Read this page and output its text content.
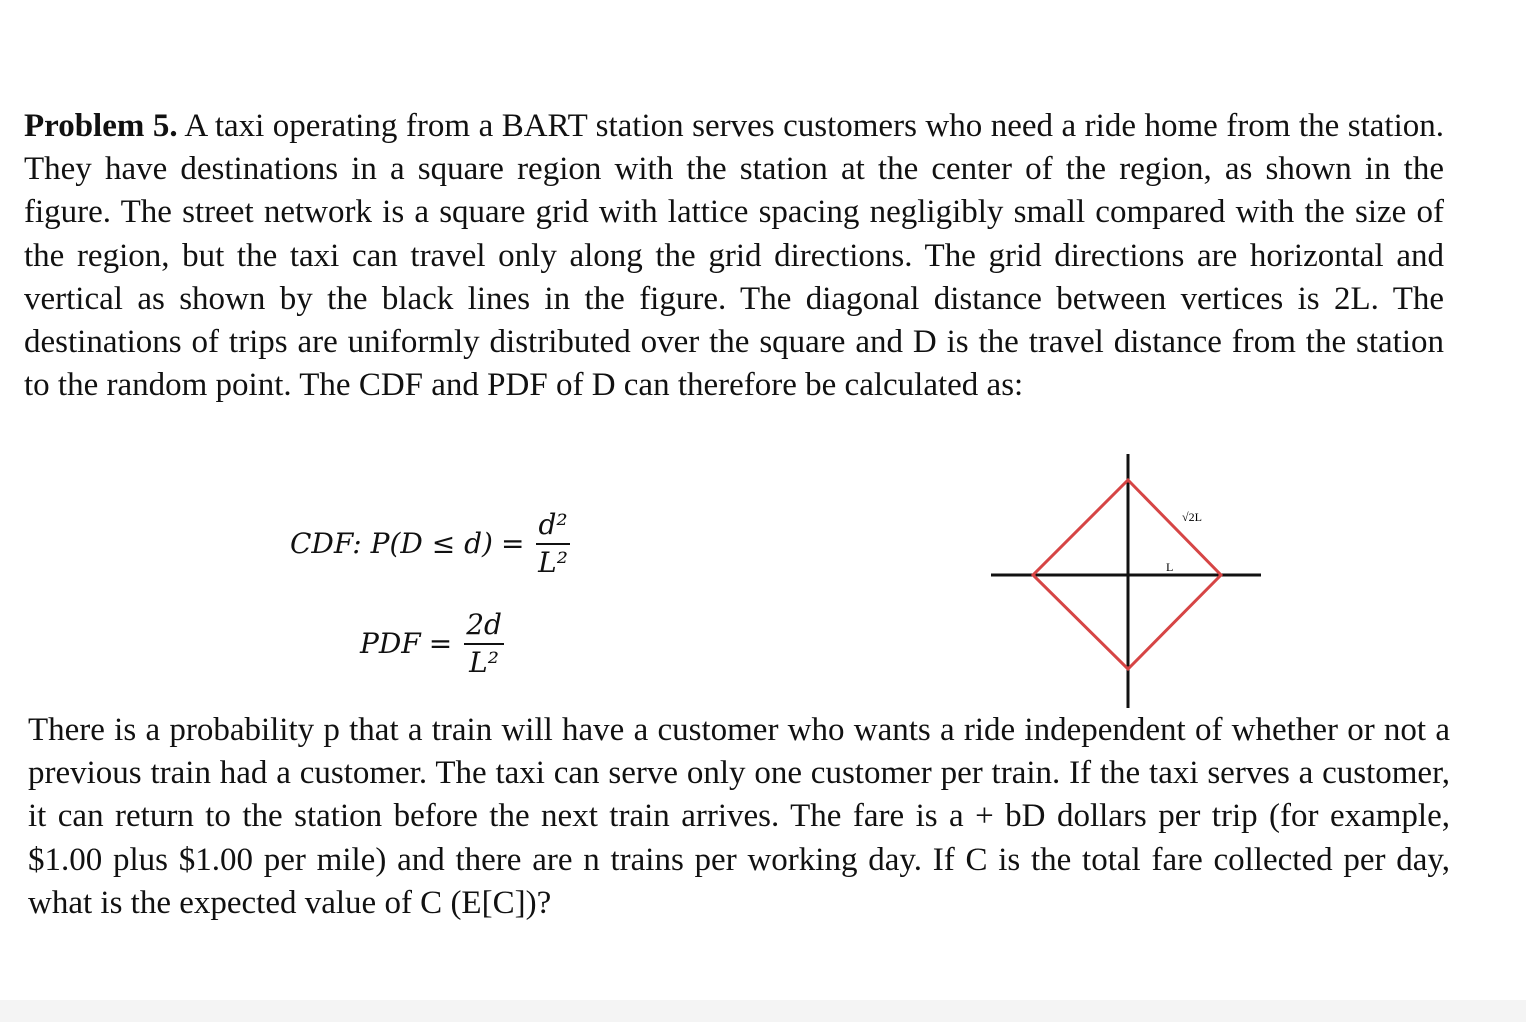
Problem 5. A taxi operating from a BART station serves customers who need a ride home from the station. They have destinations in a square region with the station at the center of the region, as shown in the figure. The street network is a square grid with lattice spacing negligibly small compared with the size of the region, but the taxi can travel only along the grid directions. The grid directions are horizontal and vertical as shown by the black lines in the figure. The diagonal distance between vertices is 2L. The destinations of trips are uniformly distributed over the square and D is the travel distance from the station to the random point. The CDF and PDF of D can therefore be calculated as:

CDF: $P(D \le d) = \frac{\text{d²}}{\text{L²}}$
PDF = $\frac{2d}{\text{L²}}$
√2L
L

There is a probability p that a train will have a customer who wants a ride independent of whether or not a previous train had a customer. The taxi can serve only one customer per train. If the taxi serves a customer, it can return to the station before the next train arrives. The fare is a + bD dollars per trip (for example, $1.00 plus $1.00 per mile) and there are n trains per working day. If C is the total fare collected per day, what is the expected value of C (E[C])?
